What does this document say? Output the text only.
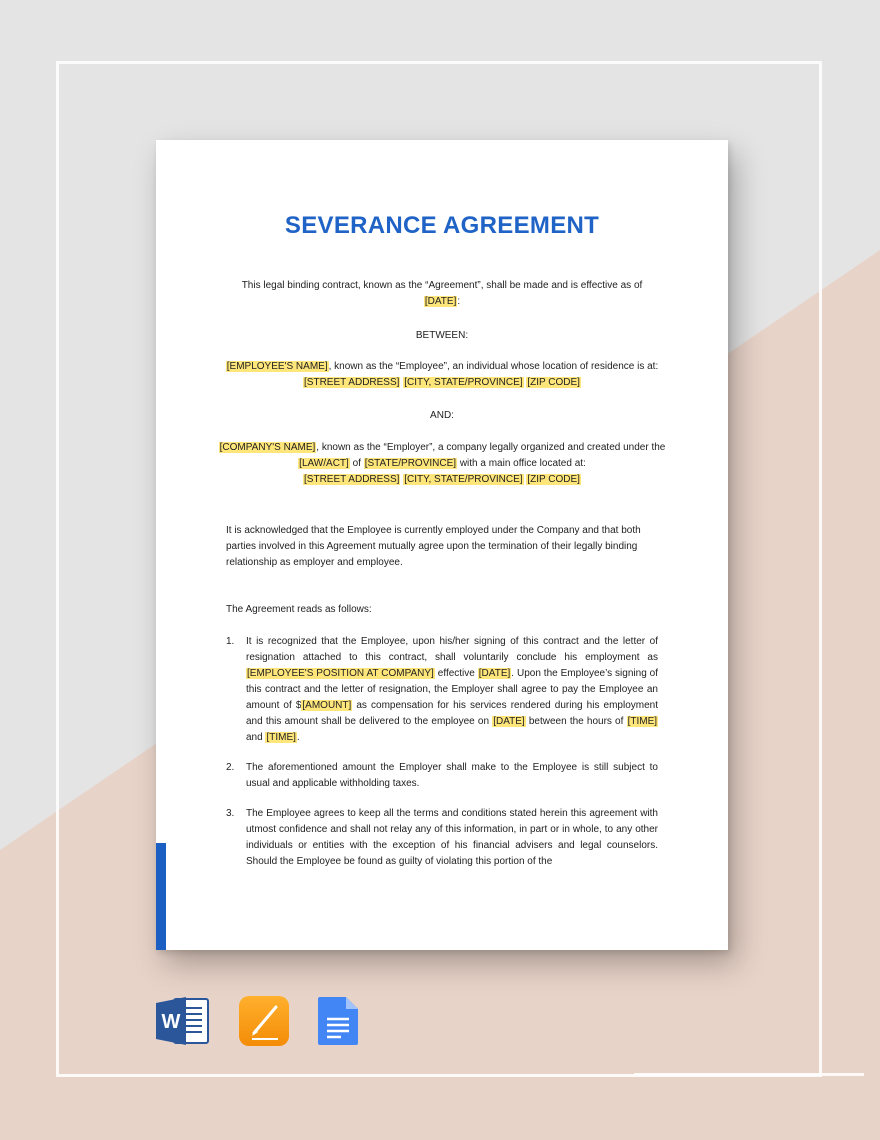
SEVERANCE AGREEMENT
This legal binding contract, known as the “Agreement”, shall be made and is effective as of
[DATE]:
BETWEEN:
[EMPLOYEE'S NAME], known as the “Employee”, an individual whose location of residence is at: [STREET ADDRESS] [CITY, STATE/PROVINCE] [ZIP CODE]
AND:
[COMPANY'S NAME], known as the “Employer”, a company legally organized and created under the [LAW/ACT] of [STATE/PROVINCE] with a main office located at:
[STREET ADDRESS] [CITY, STATE/PROVINCE] [ZIP CODE]
It is acknowledged that the Employee is currently employed under the Company and that both parties involved in this Agreement mutually agree upon the termination of their legally binding relationship as employer and employee.
The Agreement reads as follows:
1. It is recognized that the Employee, upon his/her signing of this contract and the letter of resignation attached to this contract, shall voluntarily conclude his employment as [EMPLOYEE'S POSITION AT COMPANY] effective [DATE]. Upon the Employee’s signing of this contract and the letter of resignation, the Employer shall agree to pay the Employee an amount of $[AMOUNT] as compensation for his services rendered during his employment and this amount shall be delivered to the employee on [DATE] between the hours of [TIME] and [TIME].
2. The aforementioned amount the Employer shall make to the Employee is still subject to usual and applicable withholding taxes.
3. The Employee agrees to keep all the terms and conditions stated herein this agreement with utmost confidence and shall not relay any of this information, in part or in whole, to any other individuals or entities with the exception of his financial advisers and legal counselors. Should the Employee be found as guilty of violating this portion of the
W
